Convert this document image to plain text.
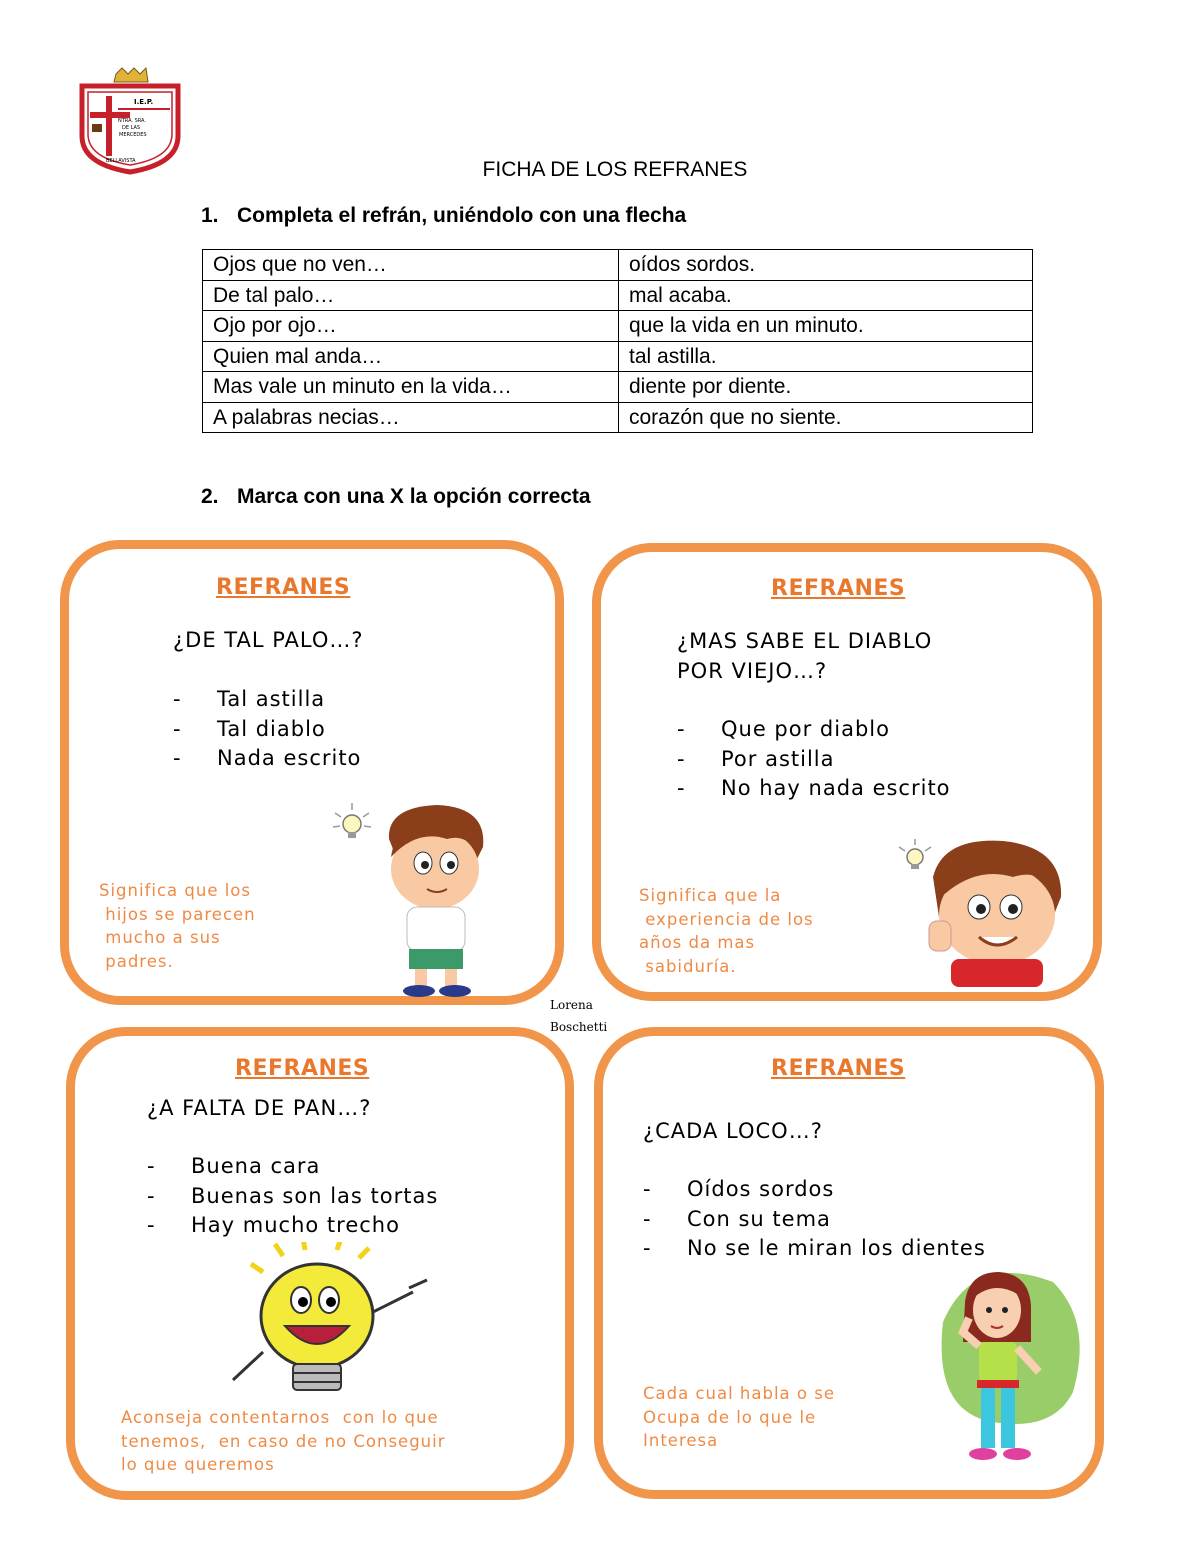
I.E.P.
NTRA. SRA.
DE LAS
MERCEDES
BELLAVISTA	FICHA DE LOS REFRANES
1. Completa el refrán, uniéndolo con una flecha
Ojos que no ven…	oídos sordos.
De tal palo…	mal acaba.
Ojo por ojo…	que la vida en un minuto.
Quien mal anda…	tal astilla.
Mas vale un minuto en la vida…	diente por diente.
A palabras necias…	corazón que no siente.
2. Marca con una X la opción correcta
REFRANES
¿DE TAL PALO…?
- Tal astilla
- Tal diablo
- Nada escrito
Significa que los
hijos se parecen
mucho a sus
padres.
REFRANES
¿MAS SABE EL DIABLO
POR VIEJO…?
- Que por diablo
- Por astilla
- No hay nada escrito
Significa que la
experiencia de los
años da mas
sabiduría.
Lorena
Boschetti
REFRANES
¿A FALTA DE PAN…?
- Buena cara
- Buenas son las tortas
- Hay mucho trecho
Aconseja contentarnos  con lo que
tenemos,  en caso de no Conseguir
lo que queremos
REFRANES
¿CADA LOCO…?
- Oídos sordos
- Con su tema
- No se le miran los dientes
Cada cual habla o se
Ocupa de lo que le
Interesa
